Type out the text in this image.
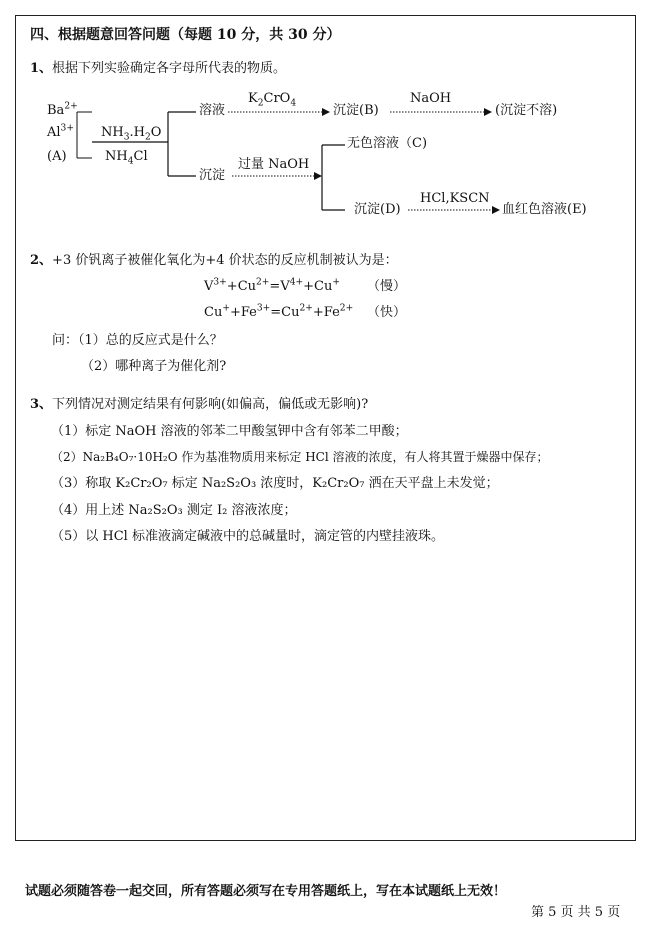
四、根据题意回答问题（每题 10 分，共 30 分）
1、根据下列实验确定各字母所代表的物质。
$Ba^{2+}$
$Al^{3+}$
(A)
$NH_3.H_2O$
$NH_4Cl$
溶液
$K_2CrO_4$	沉淀(B)
NaOH
(沉淀不溶)
沉淀
过量 NaOH
无色溶液（C)
沉淀(D)
HCl,KSCN
血红色溶液(E)
2、+3 价钒离子被催化氧化为+4 价状态的反应机制被认为是：
$V^{3+}+Cu^{2+}=V^{4+}+Cu^+$ （慢）
$Cu^++Fe^{3+}=Cu^{2+}+Fe^{2+}$ （快）
问：（1）总的反应式是什么？
（2）哪种离子为催化剂?
3、下列情况对测定结果有何影响(如偏高，偏低或无影响)?
（1）标定 NaOH 溶液的邻苯二甲酸氢钾中含有邻苯二甲酸；
（2）Na₂B₄O₇·10H₂O 作为基准物质用来标定 HCl 溶液的浓度，有人将其置于燥器中保存；
（3）称取 K₂Cr₂O₇ 标定 Na₂S₂O₃ 浓度时，K₂Cr₂O₇ 洒在天平盘上未发觉；
（4）用上述 Na₂S₂O₃ 测定 I₂ 溶液浓度；
（5）以 HCl 标准液滴定碱液中的总碱量时，滴定管的内壁挂液珠。
试题必须随答卷一起交回，所有答题必须写在专用答题纸上，写在本试题纸上无效！
第 5 页 共 5 页
